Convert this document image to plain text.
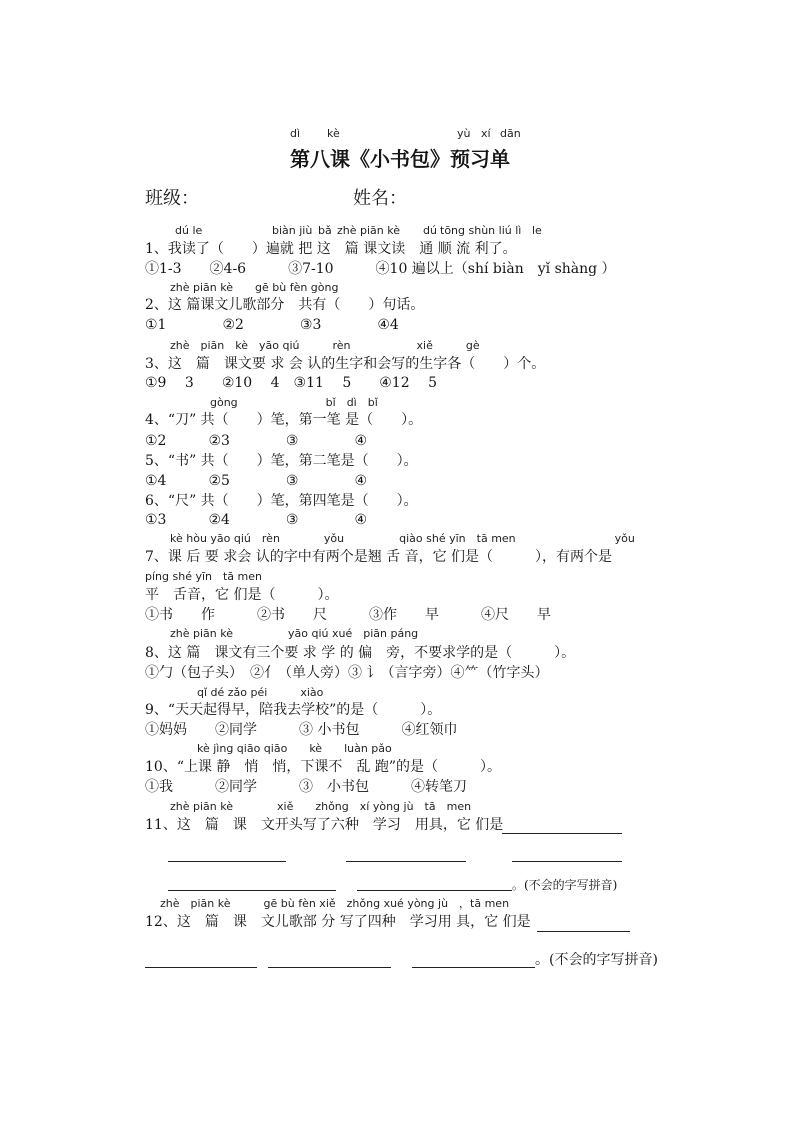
dì kè	yù xí dān
第八课《小书包》预习单
班级：	姓名：
dú le	biàn jiù bǎ zhè piān kè dú tōng shùn liú lì le
1、我读了（　　）遍就 把 这　篇 课文读　通 顺 流 利了。
①1-3　　②4-6　　　③7-10　　　④10 遍以上（shí biàn　yǐ shàng ）
zhè piān kè　　gē bù fèn gòng
2、这 篇课文儿歌部分　共有（　　）句话。
①1　　　　②2　　　　③3　　　　④4
zhè　piān　kè　yāo qiú　　　rèn　　　　　　xiě　　　gè
3、这　篇　课文要 求 会 认的生字和会写的生字各（　　）个。
①9　 3　　②10　 4　③11　 5　　④12　 5
gòng　　　　　　　　bǐ　dì　bǐ
4、“刀” 共（　　）笔，第一笔 是（　　）。
①2　　　②3　　　　③　　　　④
5、“书” 共（　　）笔，第二笔是（　　）。
①4　　　②5　　　　③　　　　④
6、“尺” 共（　　）笔，第四笔是（　　）。
①3　　　②4　　　　③　　　　④
kè hòu yāo qiú　rèn　　　　yǒu　　　　　qiào shé yīn　tā men　　　　　　　　　yǒu
7、课 后 要 求会 认的字中有两个是翘 舌 音，它 们是（　　　），有两个是
píng shé yīn　tā men
平　舌音，它 们是（　　　）。
①书　　作　　　②书　　尺　　　③作　　早　　　④尺　　早
zhè piān kè　　　　　yāo qiú xué　piān páng
8、这 篇　课文有三个要 求 学 的 偏　旁，不要求学的是（　　　）。
①勹（包子头）　②亻（单人旁）③ 讠（言字旁）④⺮（竹字头）
qǐ dé zǎo péi　　　xiào
9、“天天起得早，陪我去学校”的是（　　　）。
①妈妈　　②同学　　　③ 小书包　　　④红领巾
kè jìng qiāo qiāo　　kè　　luàn pǎo
10、“上课 静　悄　悄，下课不　乱 跑”的是（　　　）。
①我　　　②同学　　　③　小书包　　　④转笔刀
zhè piān kè　　　　xiě　　zhǒng　xí yòng jù　tā　men
11、这　篇　课　文开头写了六种　学习　用具，它 们是
zhè　piān kè　　　gē bù fèn xiě　zhǒng xué yòng jù　，tā men
12、这　篇　课　文儿歌部 分 写了四种　学习用 具，它 们是
。(不会的字写拼音)
。(不会的字写拼音)
